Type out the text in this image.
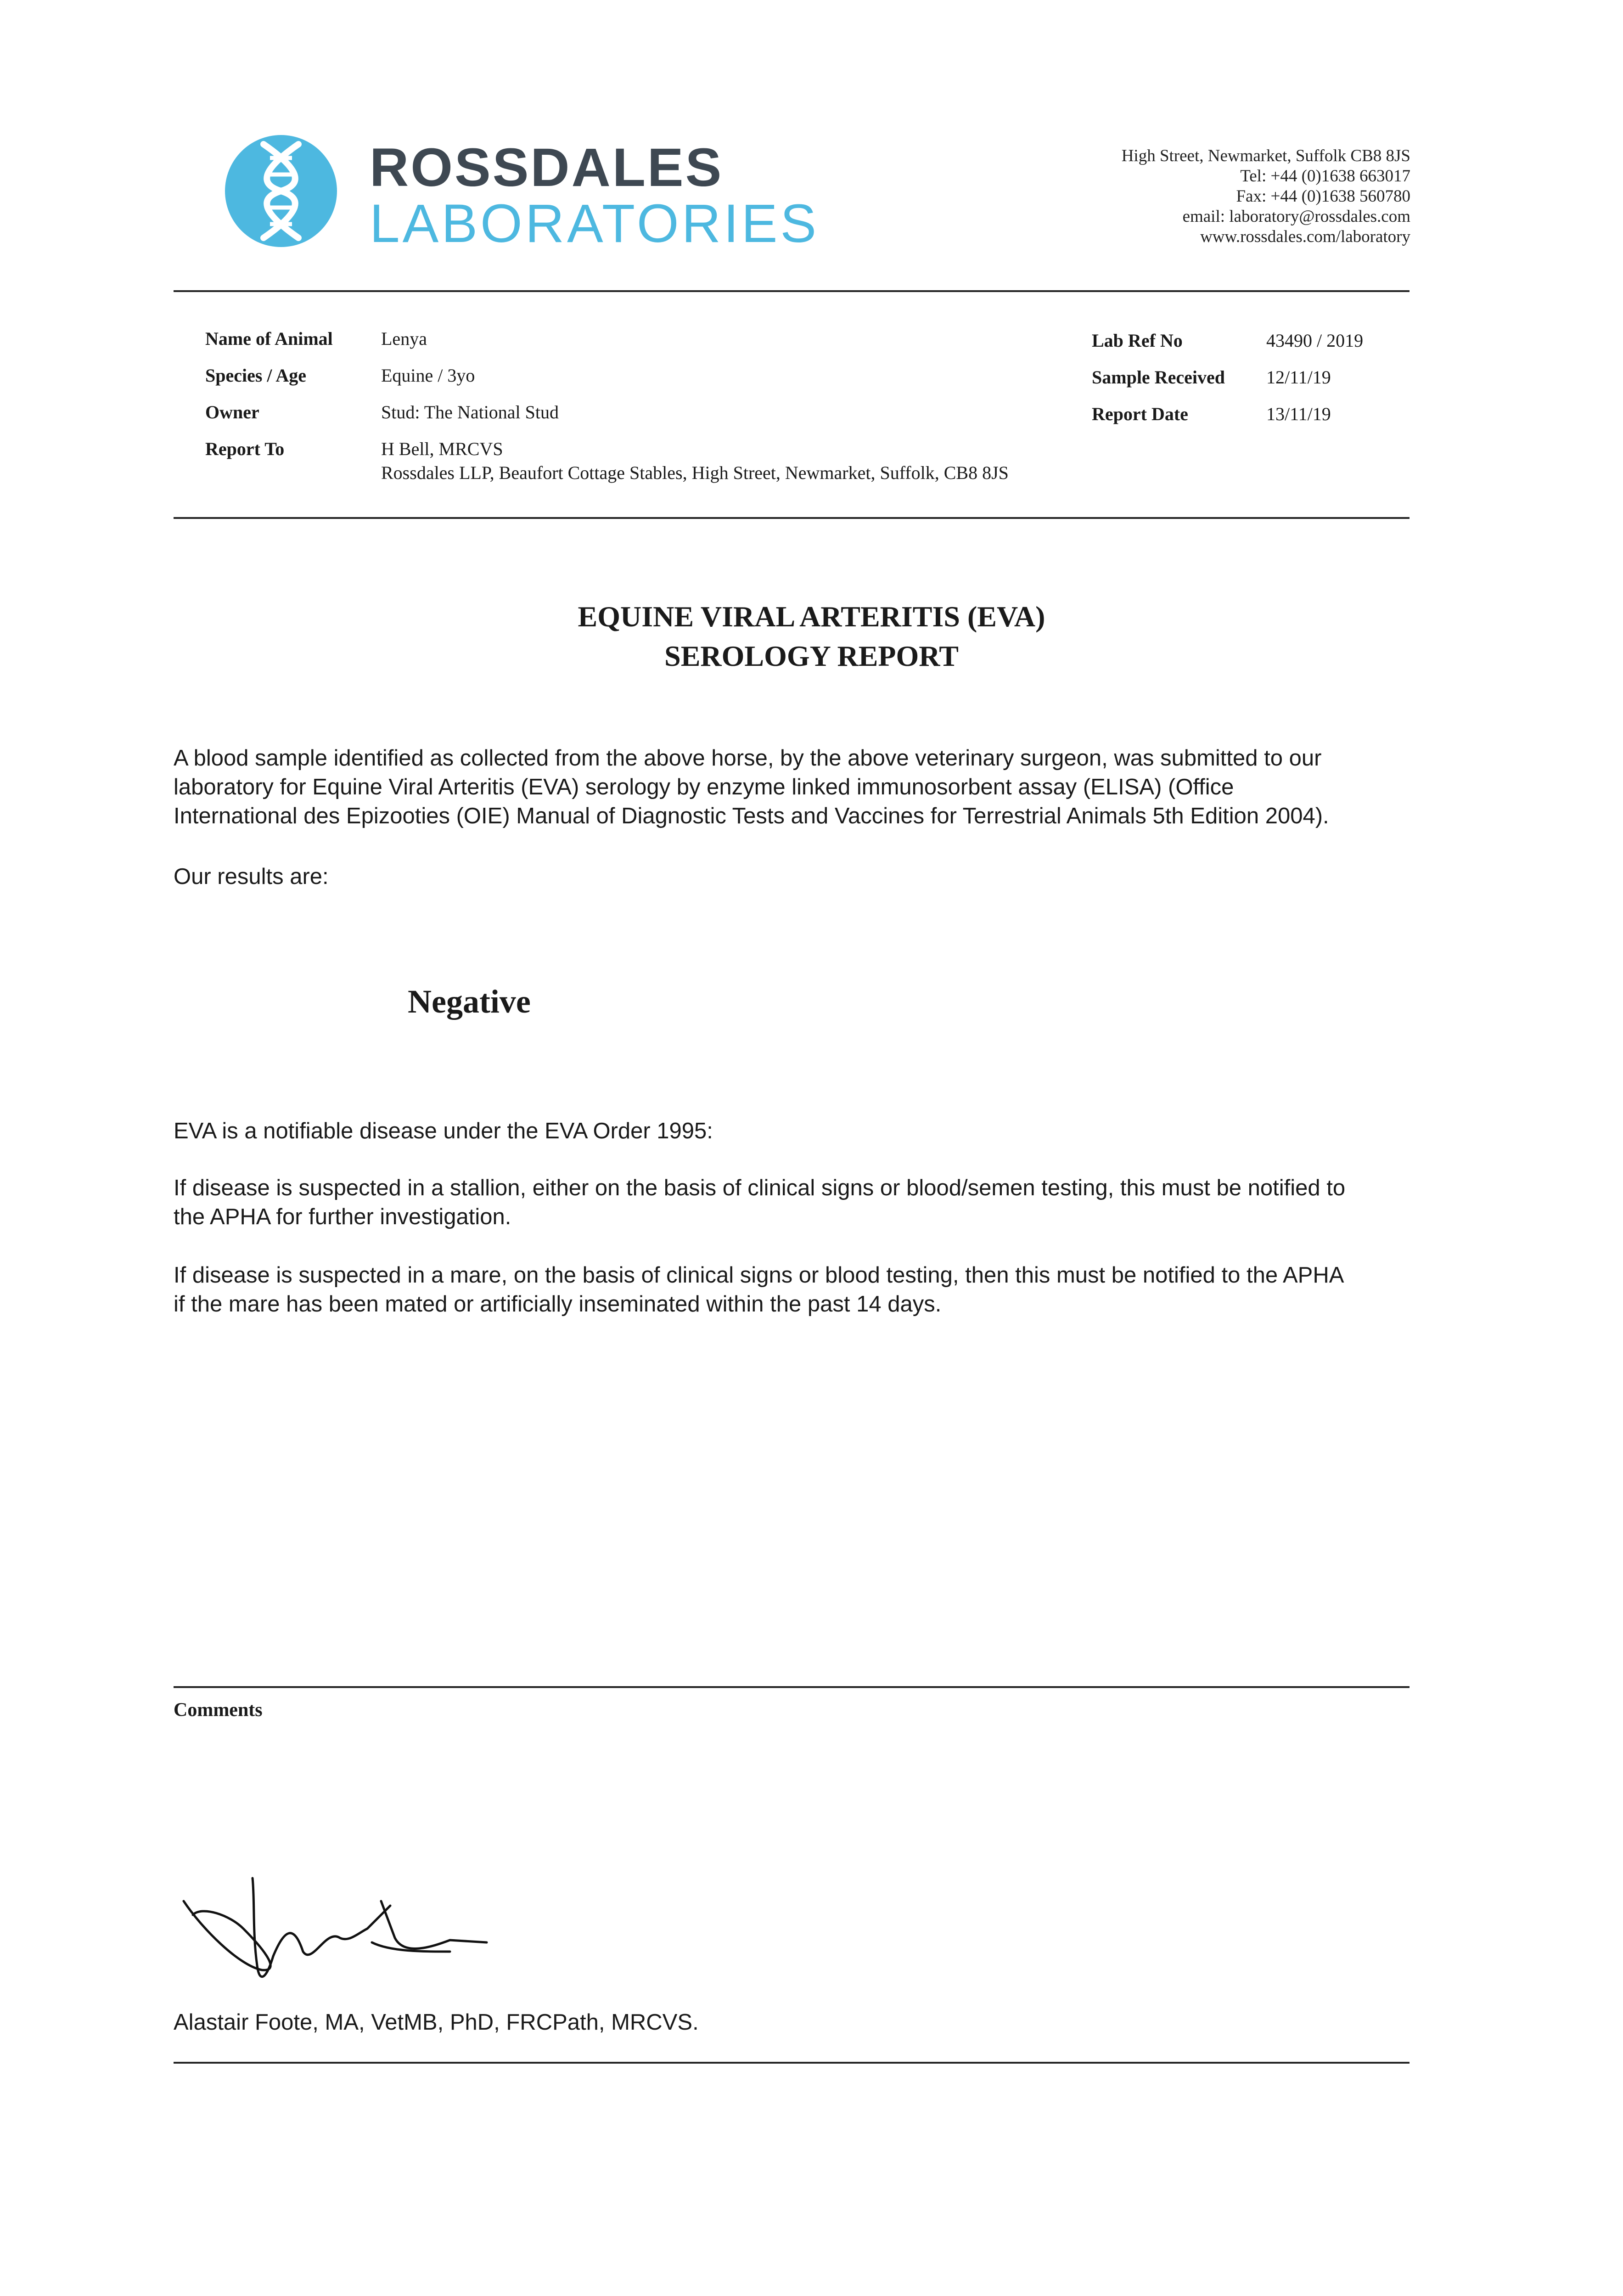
ROSSDALES
LABORATORIES
High Street, Newmarket, Suffolk CB8 8JS
Tel: +44 (0)1638 663017
Fax: +44 (0)1638 560780
email: laboratory@rossdales.com
www.rossdales.com/laboratory
Name of Animal	Lenya
Species / Age	Equine / 3yo
Owner	Stud: The National Stud
Report To	H Bell, MRCVS
Rossdales LLP, Beaufort Cottage Stables, High Street, Newmarket, Suffolk, CB8 8JS
Lab Ref No	43490 / 2019
Sample Received 12/11/19
Report Date	13/11/19
EQUINE VIRAL ARTERITIS (EVA)
SEROLOGY REPORT
A blood sample identified as collected from the above horse, by the above veterinary surgeon, was submitted to our
laboratory for Equine Viral Arteritis (EVA) serology by enzyme linked immunosorbent assay (ELISA) (Office
International des Epizooties (OIE) Manual of Diagnostic Tests and Vaccines for Terrestrial Animals 5th Edition 2004).
Our results are:
Negative
EVA is a notifiable disease under the EVA Order 1995:
If disease is suspected in a stallion, either on the basis of clinical signs or blood/semen testing, this must be notified to
the APHA for further investigation.
If disease is suspected in a mare, on the basis of clinical signs or blood testing, then this must be notified to the APHA
if the mare has been mated or artificially inseminated within the past 14 days.
Comments
Alastair Foote, MA, VetMB, PhD, FRCPath, MRCVS.
